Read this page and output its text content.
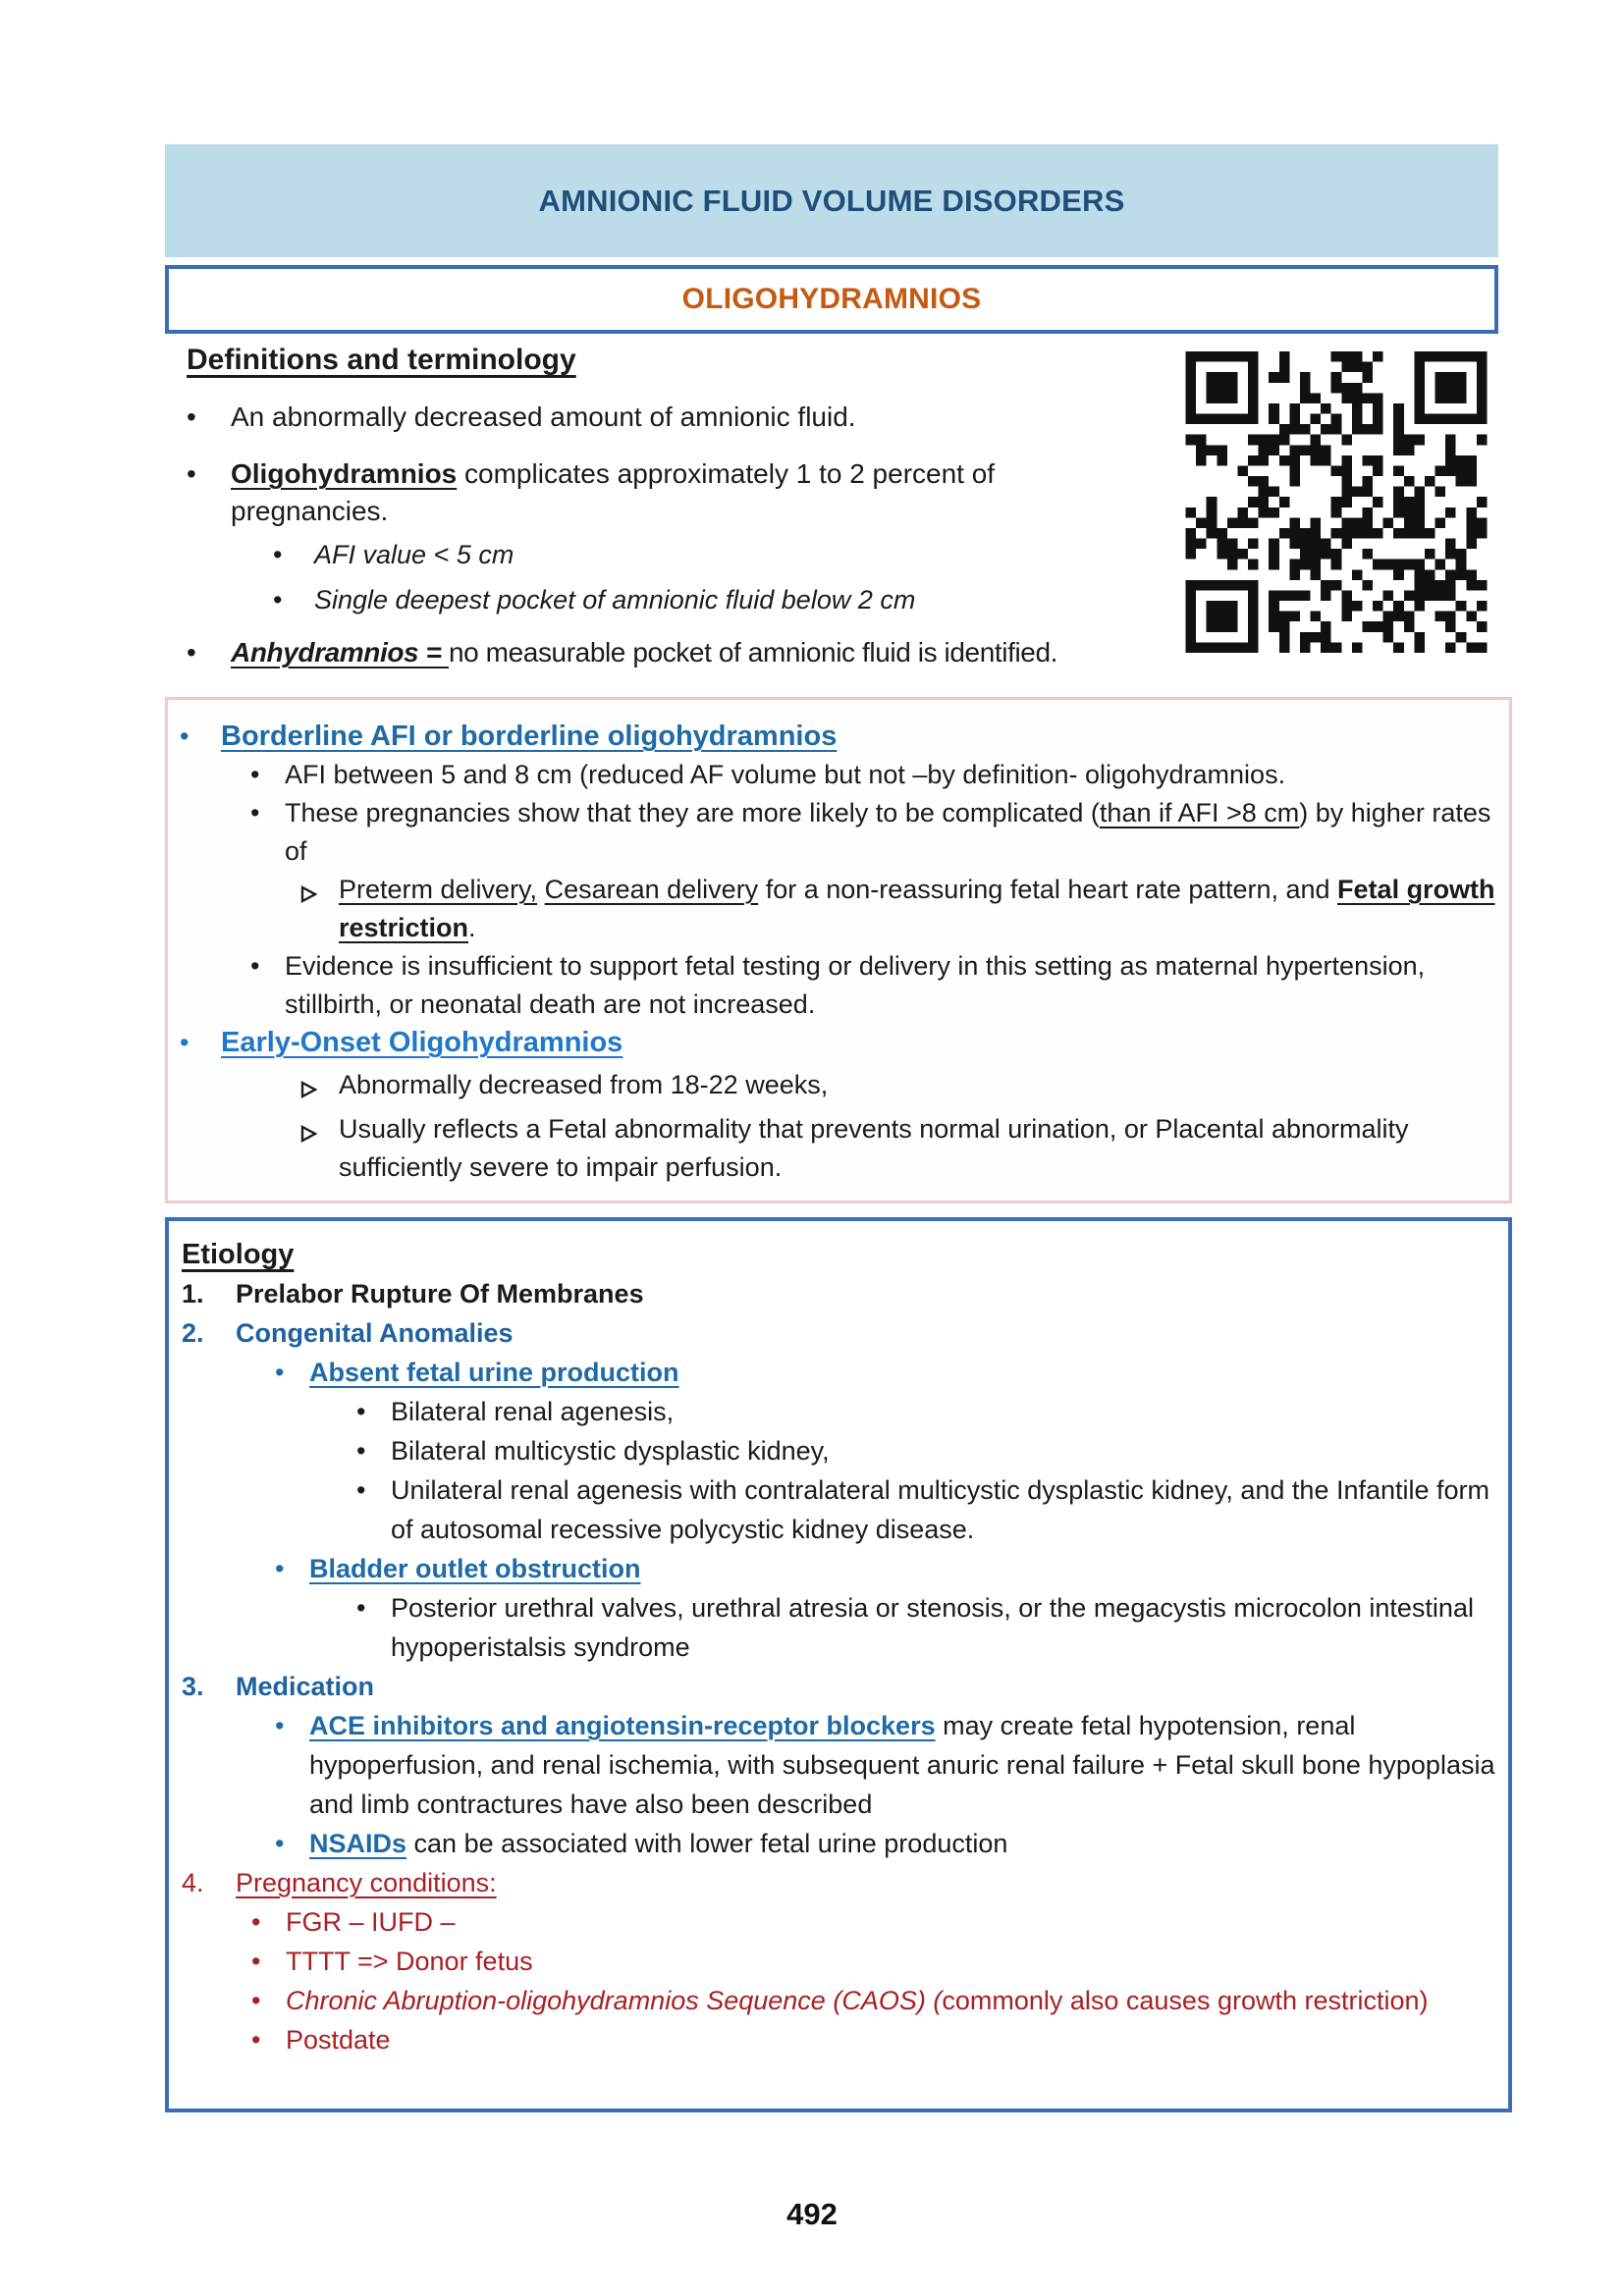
AMNIONIC FLUID VOLUME DISORDERS
OLIGOHYDRAMNIOS
Definitions and terminology
•	An abnormally decreased amount of amnionic fluid.
•	Oligohydramnios complicates approximately 1 to 2 percent of pregnancies.
•	AFI value < 5 cm
•	Single deepest pocket of amnionic fluid below 2 cm
•	Anhydramnios = no measurable pocket of amnionic fluid is identified.
•	Borderline AFI or borderline oligohydramnios
• AFI between 5 and 8 cm (reduced AF volume but not –by definition- oligohydramnios.
• These pregnancies show that they are more likely to be complicated (than if AFI >8 cm) by higher rates of
Preterm delivery, Cesarean delivery for a non-reassuring fetal heart rate pattern, and Fetal growth restriction.
• Evidence is insufficient to support fetal testing or delivery in this setting as maternal hypertension, stillbirth, or neonatal death are not increased.
•	Early-Onset Oligohydramnios
Abnormally decreased from 18-22 weeks,
Usually reflects a Fetal abnormality that prevents normal urination, or Placental abnormality sufficiently severe to impair perfusion.
Etiology
1.	Prelabor Rupture Of Membranes
2.	Congenital Anomalies
• Absent fetal urine production
• Bilateral renal agenesis,
• Bilateral multicystic dysplastic kidney,
• Unilateral renal agenesis with contralateral multicystic dysplastic kidney, and the Infantile form of autosomal recessive polycystic kidney disease.
• Bladder outlet obstruction
• Posterior urethral valves, urethral atresia or stenosis, or the megacystis microcolon intestinal hypoperistalsis syndrome
3.	Medication
• ACE inhibitors and angiotensin-receptor blockers may create fetal hypotension, renal hypoperfusion, and renal ischemia, with subsequent anuric renal failure + Fetal skull bone hypoplasia and limb contractures have also been described
• NSAIDs can be associated with lower fetal urine production
4.	Pregnancy conditions:
• FGR – IUFD –
• TTTT => Donor fetus
• Chronic Abruption-oligohydramnios Sequence (CAOS) (commonly also causes growth restriction)
• Postdate
492
